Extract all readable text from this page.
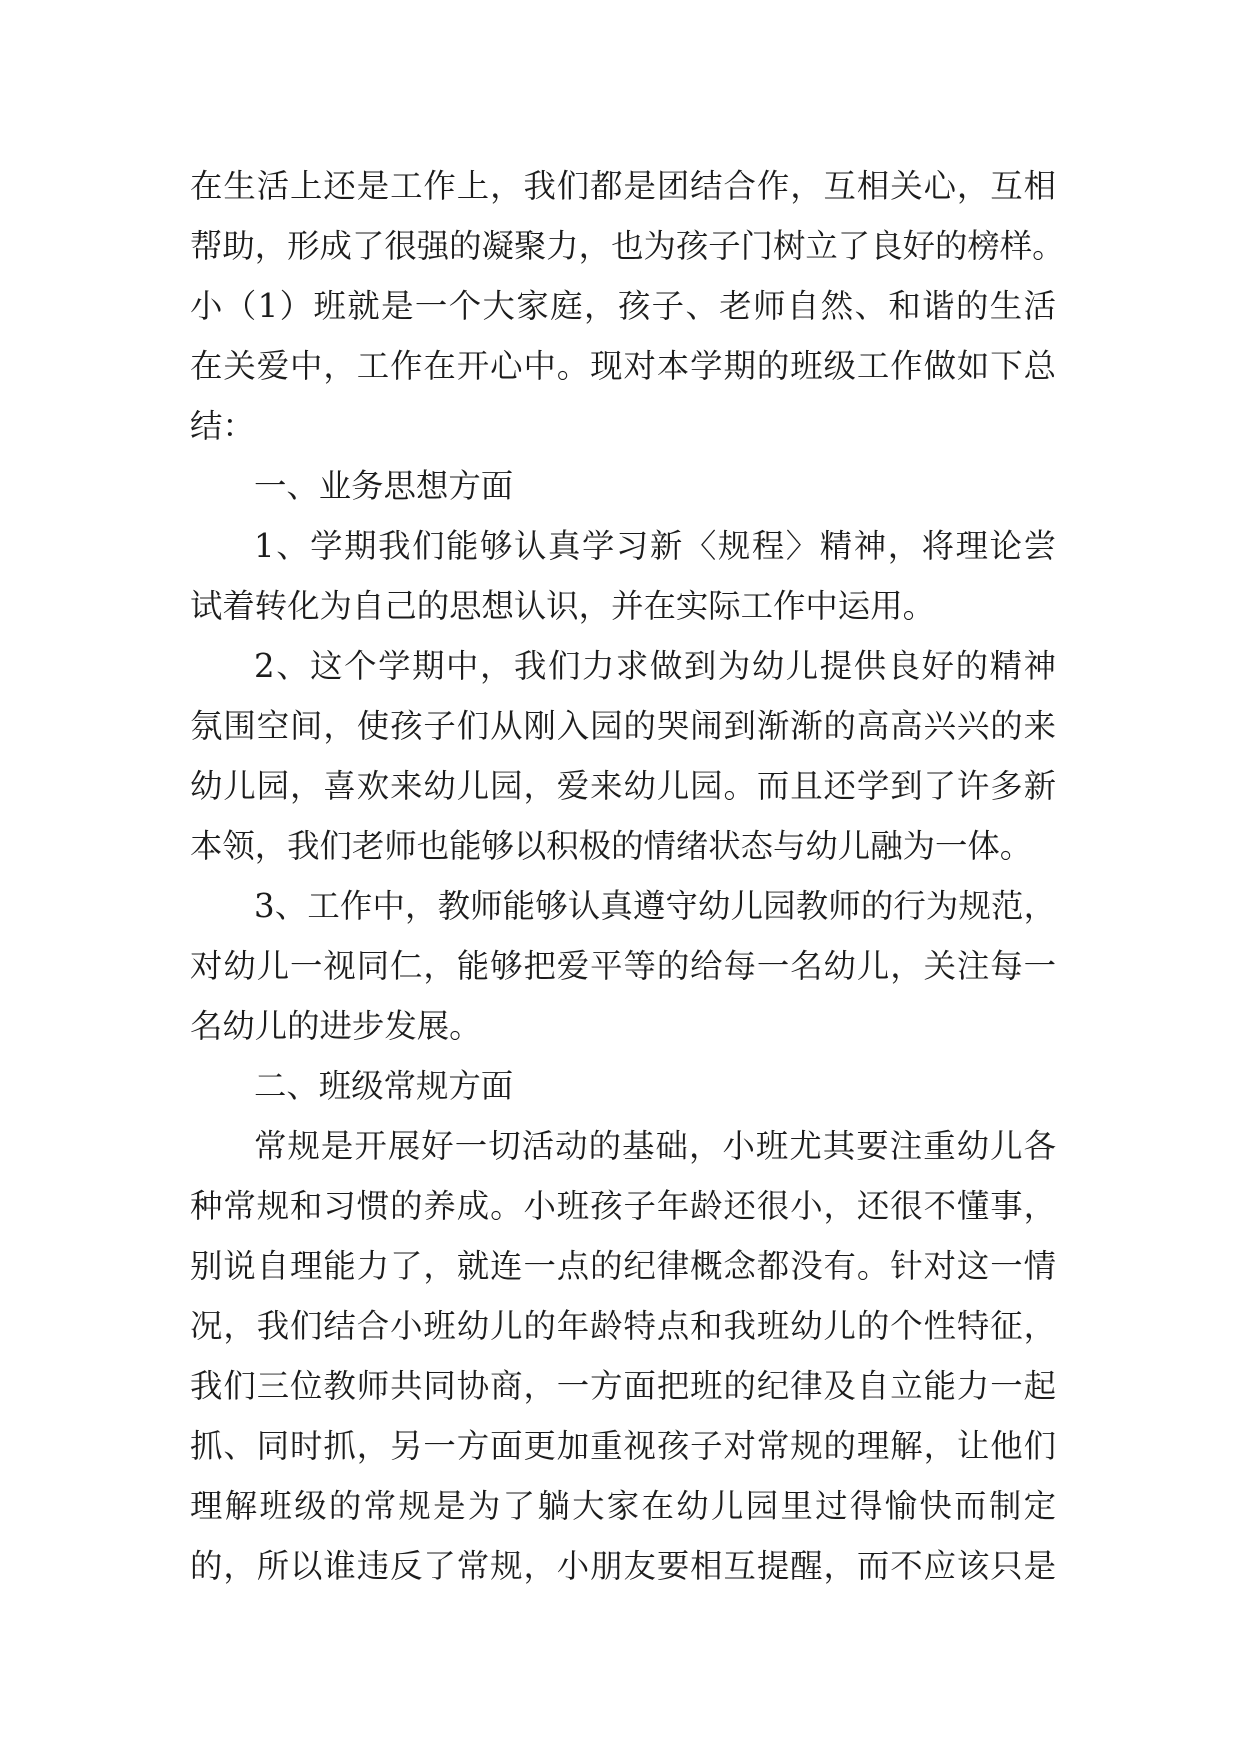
在生活上还是工作上，我们都是团结合作，互相关心，互相
帮助，形成了很强的凝聚力，也为孩子门树立了良好的榜样。
小（1）班就是一个大家庭，孩子、老师自然、和谐的生活
在关爱中，工作在开心中。现对本学期的班级工作做如下总
结：
一、业务思想方面
1、学期我们能够认真学习新〈规程〉精神，将理论尝
试着转化为自己的思想认识，并在实际工作中运用。
2、这个学期中，我们力求做到为幼儿提供良好的精神
氛围空间，使孩子们从刚入园的哭闹到渐渐的高高兴兴的来
幼儿园，喜欢来幼儿园，爱来幼儿园。而且还学到了许多新
本领，我们老师也能够以积极的情绪状态与幼儿融为一体。
3、工作中，教师能够认真遵守幼儿园教师的行为规范，
对幼儿一视同仁，能够把爱平等的给每一名幼儿，关注每一
名幼儿的进步发展。
二、班级常规方面
常规是开展好一切活动的基础，小班尤其要注重幼儿各
种常规和习惯的养成。小班孩子年龄还很小，还很不懂事，
别说自理能力了，就连一点的纪律概念都没有。针对这一情
况，我们结合小班幼儿的年龄特点和我班幼儿的个性特征，
我们三位教师共同协商，一方面把班的纪律及自立能力一起
抓、同时抓，另一方面更加重视孩子对常规的理解，让他们
理解班级的常规是为了躺大家在幼儿园里过得愉快而制定
的，所以谁违反了常规，小朋友要相互提醒，而不应该只是
